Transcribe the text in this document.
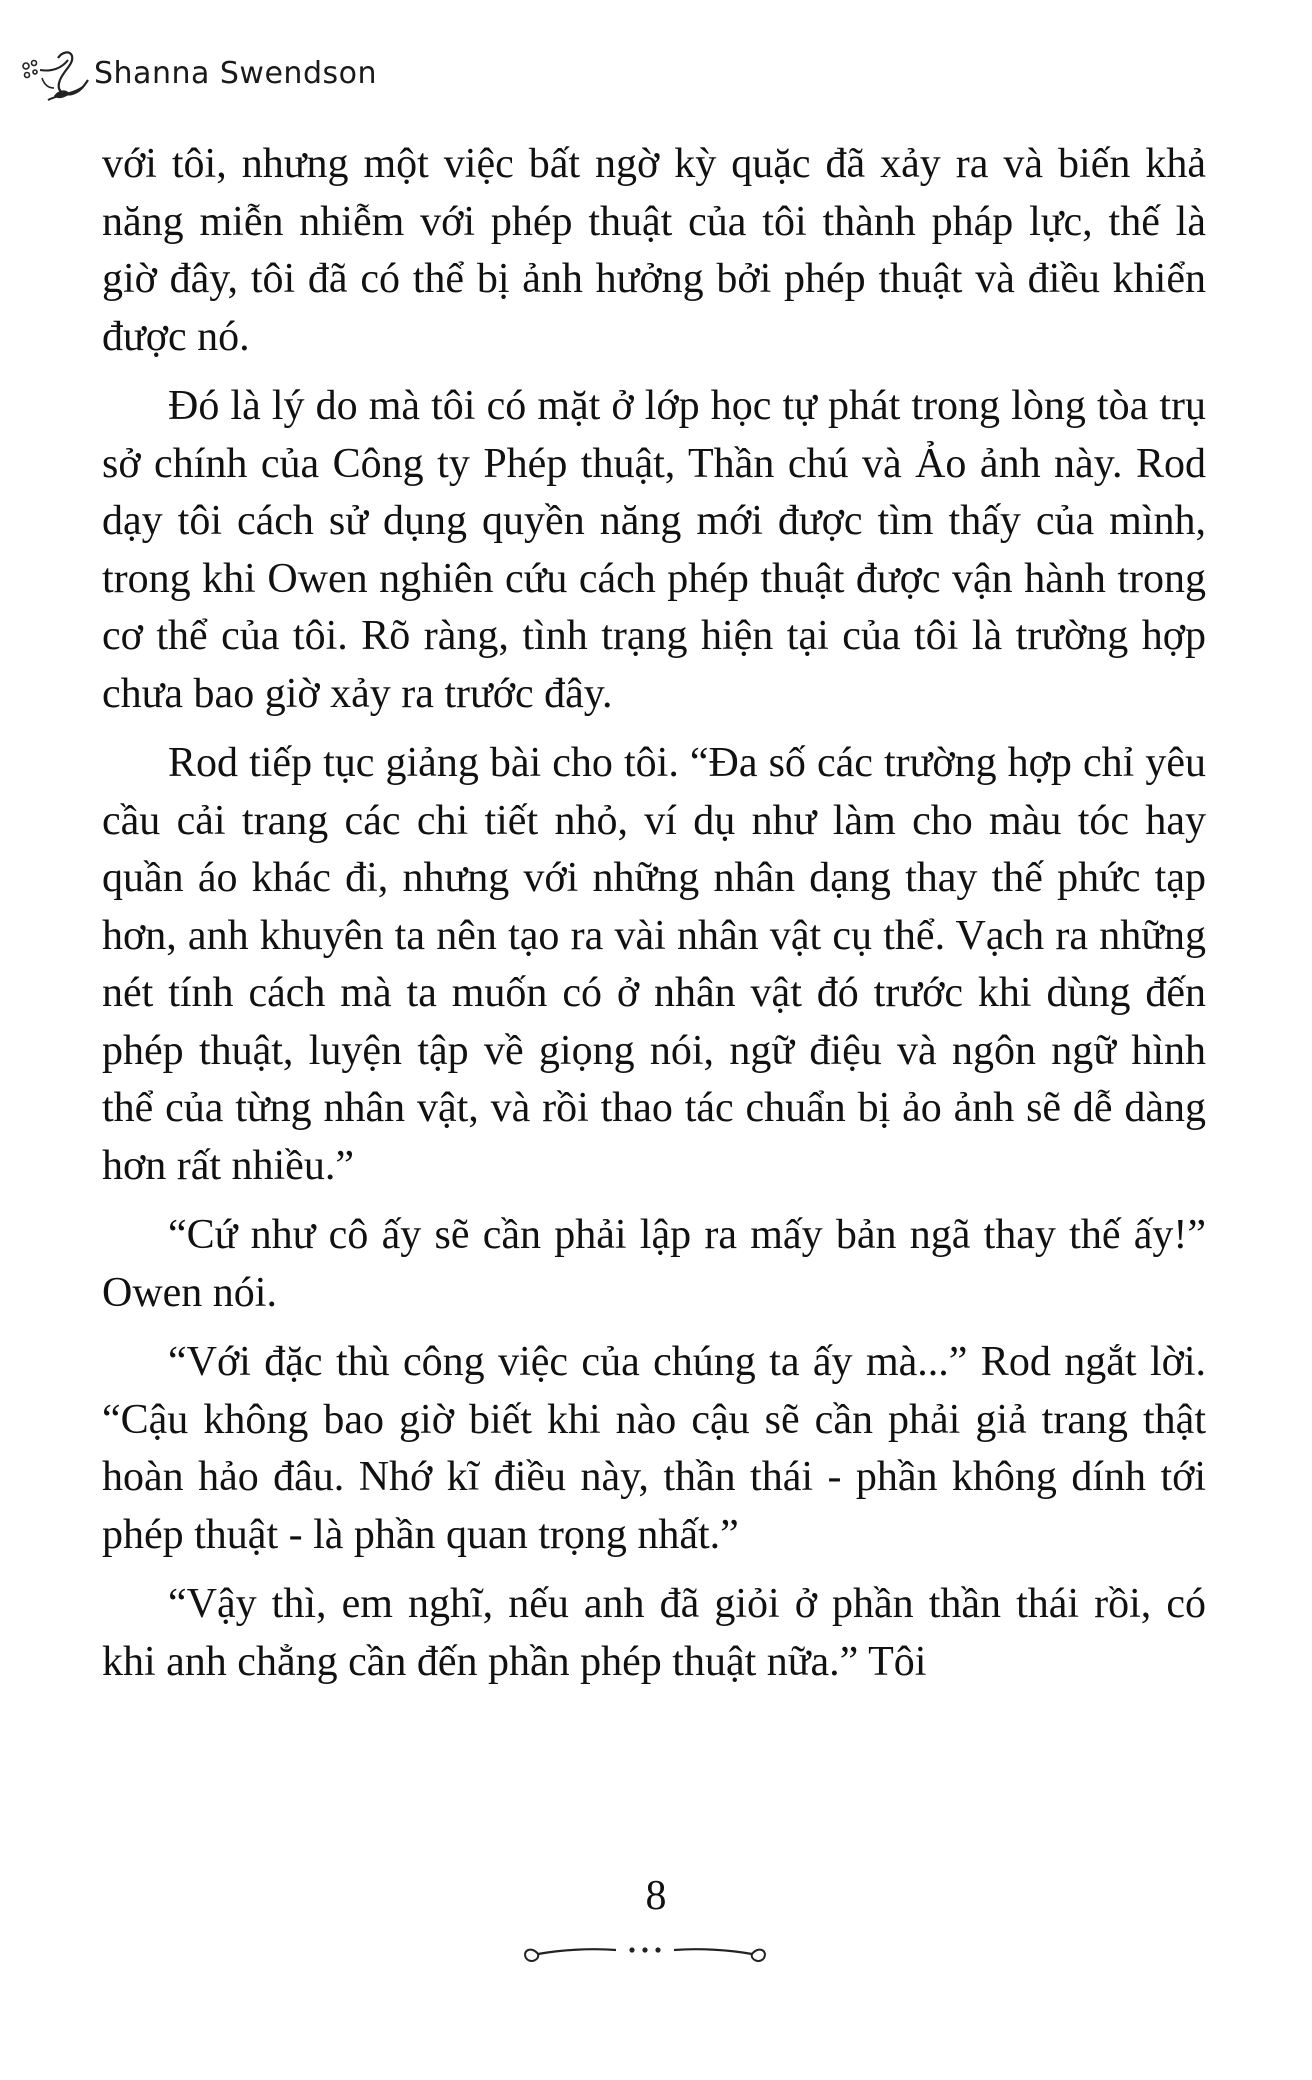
Shanna Swendson

với tôi, nhưng một việc bất ngờ kỳ quặc đã xảy ra và biến khả năng miễn nhiễm với phép thuật của tôi thành pháp lực, thế là giờ đây, tôi đã có thể bị ảnh hưởng bởi phép thuật và điều khiển được nó.

Đó là lý do mà tôi có mặt ở lớp học tự phát trong lòng tòa trụ sở chính của Công ty Phép thuật, Thần chú và Ảo ảnh này. Rod dạy tôi cách sử dụng quyền năng mới được tìm thấy của mình, trong khi Owen nghiên cứu cách phép thuật được vận hành trong cơ thể của tôi. Rõ ràng, tình trạng hiện tại của tôi là trường hợp chưa bao giờ xảy ra trước đây.

Rod tiếp tục giảng bài cho tôi. “Đa số các trường hợp chỉ yêu cầu cải trang các chi tiết nhỏ, ví dụ như làm cho màu tóc hay quần áo khác đi, nhưng với những nhân dạng thay thế phức tạp hơn, anh khuyên ta nên tạo ra vài nhân vật cụ thể. Vạch ra những nét tính cách mà ta muốn có ở nhân vật đó trước khi dùng đến phép thuật, luyện tập về giọng nói, ngữ điệu và ngôn ngữ hình thể của từng nhân vật, và rồi thao tác chuẩn bị ảo ảnh sẽ dễ dàng hơn rất nhiều.”

“Cứ như cô ấy sẽ cần phải lập ra mấy bản ngã thay thế ấy!” Owen nói.

“Với đặc thù công việc của chúng ta ấy mà...” Rod ngắt lời. “Cậu không bao giờ biết khi nào cậu sẽ cần phải giả trang thật hoàn hảo đâu. Nhớ kĩ điều này, thần thái - phần không dính tới phép thuật - là phần quan trọng nhất.”

“Vậy thì, em nghĩ, nếu anh đã giỏi ở phần thần thái rồi, có khi anh chẳng cần đến phần phép thuật nữa.” Tôi

8
